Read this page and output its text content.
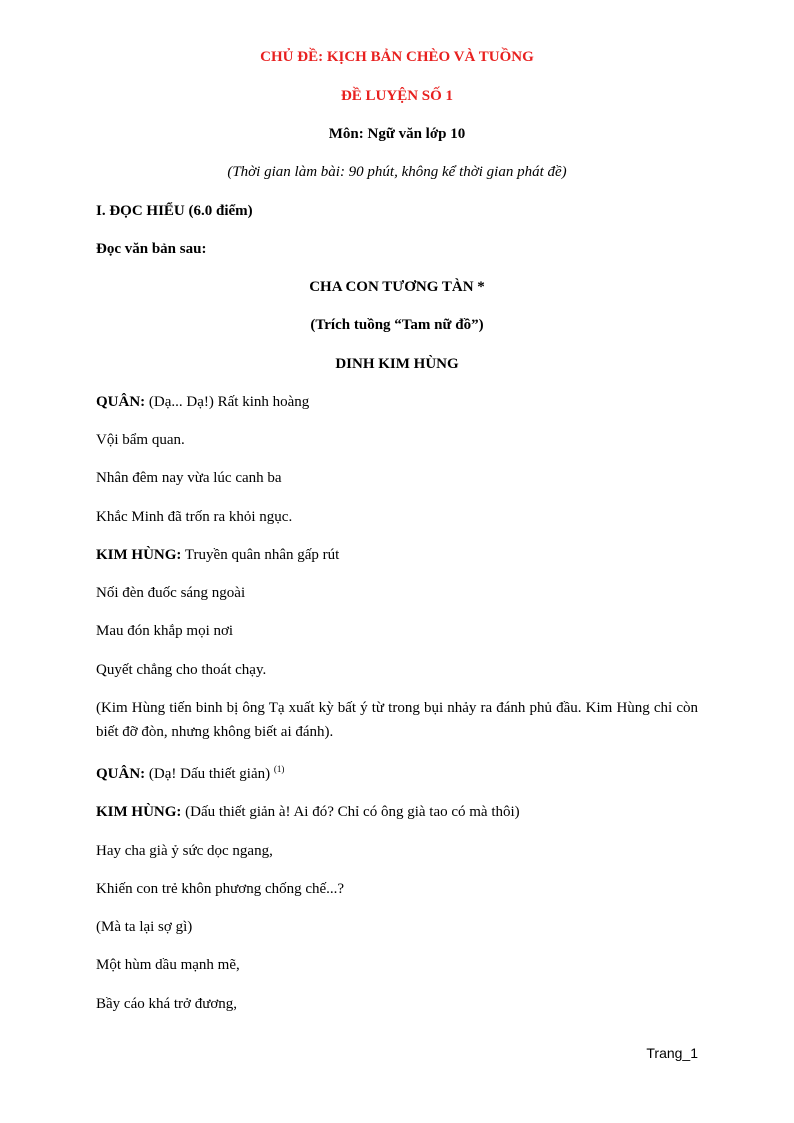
CHỦ ĐỀ: KỊCH BẢN CHÈO VÀ TUỒNG
ĐỀ LUYỆN SỐ 1
Môn: Ngữ văn lớp 10
(Thời gian làm bài: 90 phút, không kể thời gian phát đề)
I. ĐỌC HIỂU (6.0 điểm)
Đọc văn bản sau:
CHA CON TƯƠNG TÀN *
(Trích tuồng “Tam nữ đồ”)
DINH KIM HÙNG
QUÂN: (Dạ... Dạ!) Rất kinh hoàng
Vội bẩm quan.
Nhân đêm nay vừa lúc canh ba
Khắc Minh đã trốn ra khỏi ngục.
KIM HÙNG: Truyền quân nhân gấp rút
Nối đèn đuốc sáng ngoài
Mau đón khắp mọi nơi
Quyết chẳng cho thoát chạy.
(Kim Hùng tiến binh bị ông Tạ xuất kỳ bất ý từ trong bụi nhảy ra đánh phủ đầu. Kim Hùng chỉ còn biết đỡ đòn, nhưng không biết ai đánh).
QUÂN: (Dạ! Dấu thiết giản) $^{(1)}$
KIM HÙNG: (Dấu thiết giản à! Ai đó? Chỉ có ông già tao có mà thôi)
Hay cha già ỷ sức dọc ngang,
Khiến con trẻ khôn phương chống chế...?
(Mà ta lại sợ gì)
Một hùm dầu mạnh mẽ,
Bầy cáo khá trở đương,
Trang_1
